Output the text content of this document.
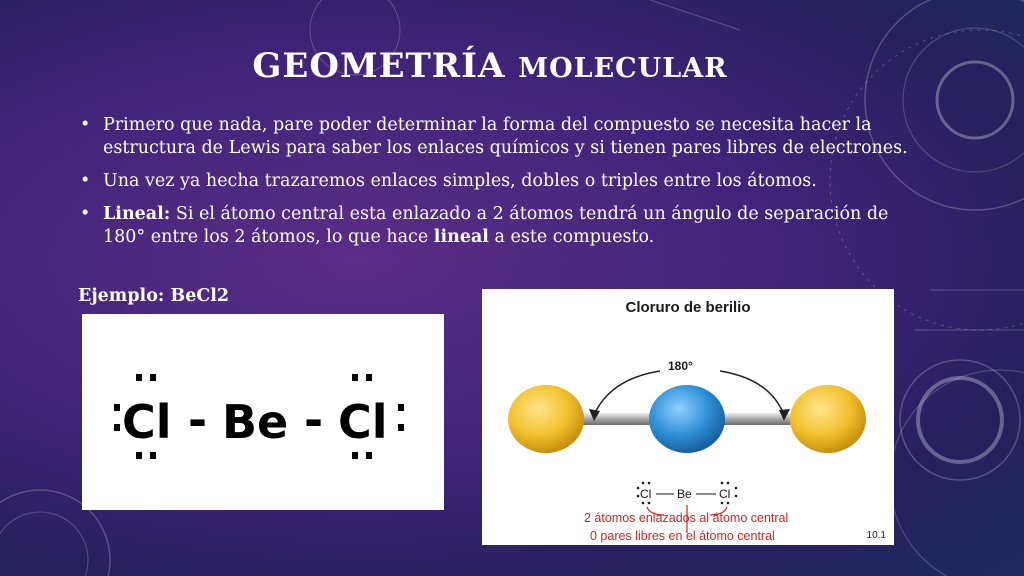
GEOMETRÍA MOLECULAR
• Primero que nada, pare poder determinar la forma del compuesto se necesita hacer la estructura de Lewis para saber los enlaces químicos y si tienen pares libres de electrones.
• Una vez ya hecha trazaremos enlaces simples, dobles o triples entre los átomos.
• Lineal: Si el átomo central esta enlazado a 2 átomos tendrá un ángulo de separación de 180° entre los 2 átomos, lo que hace lineal a este compuesto.
Ejemplo: BeCl2
Cl - Be - Cl
Cloruro de berilio
180°
Cl Be Cl
2 átomos enlazados al átomo central
0 pares libres en el átomo central	10.1
